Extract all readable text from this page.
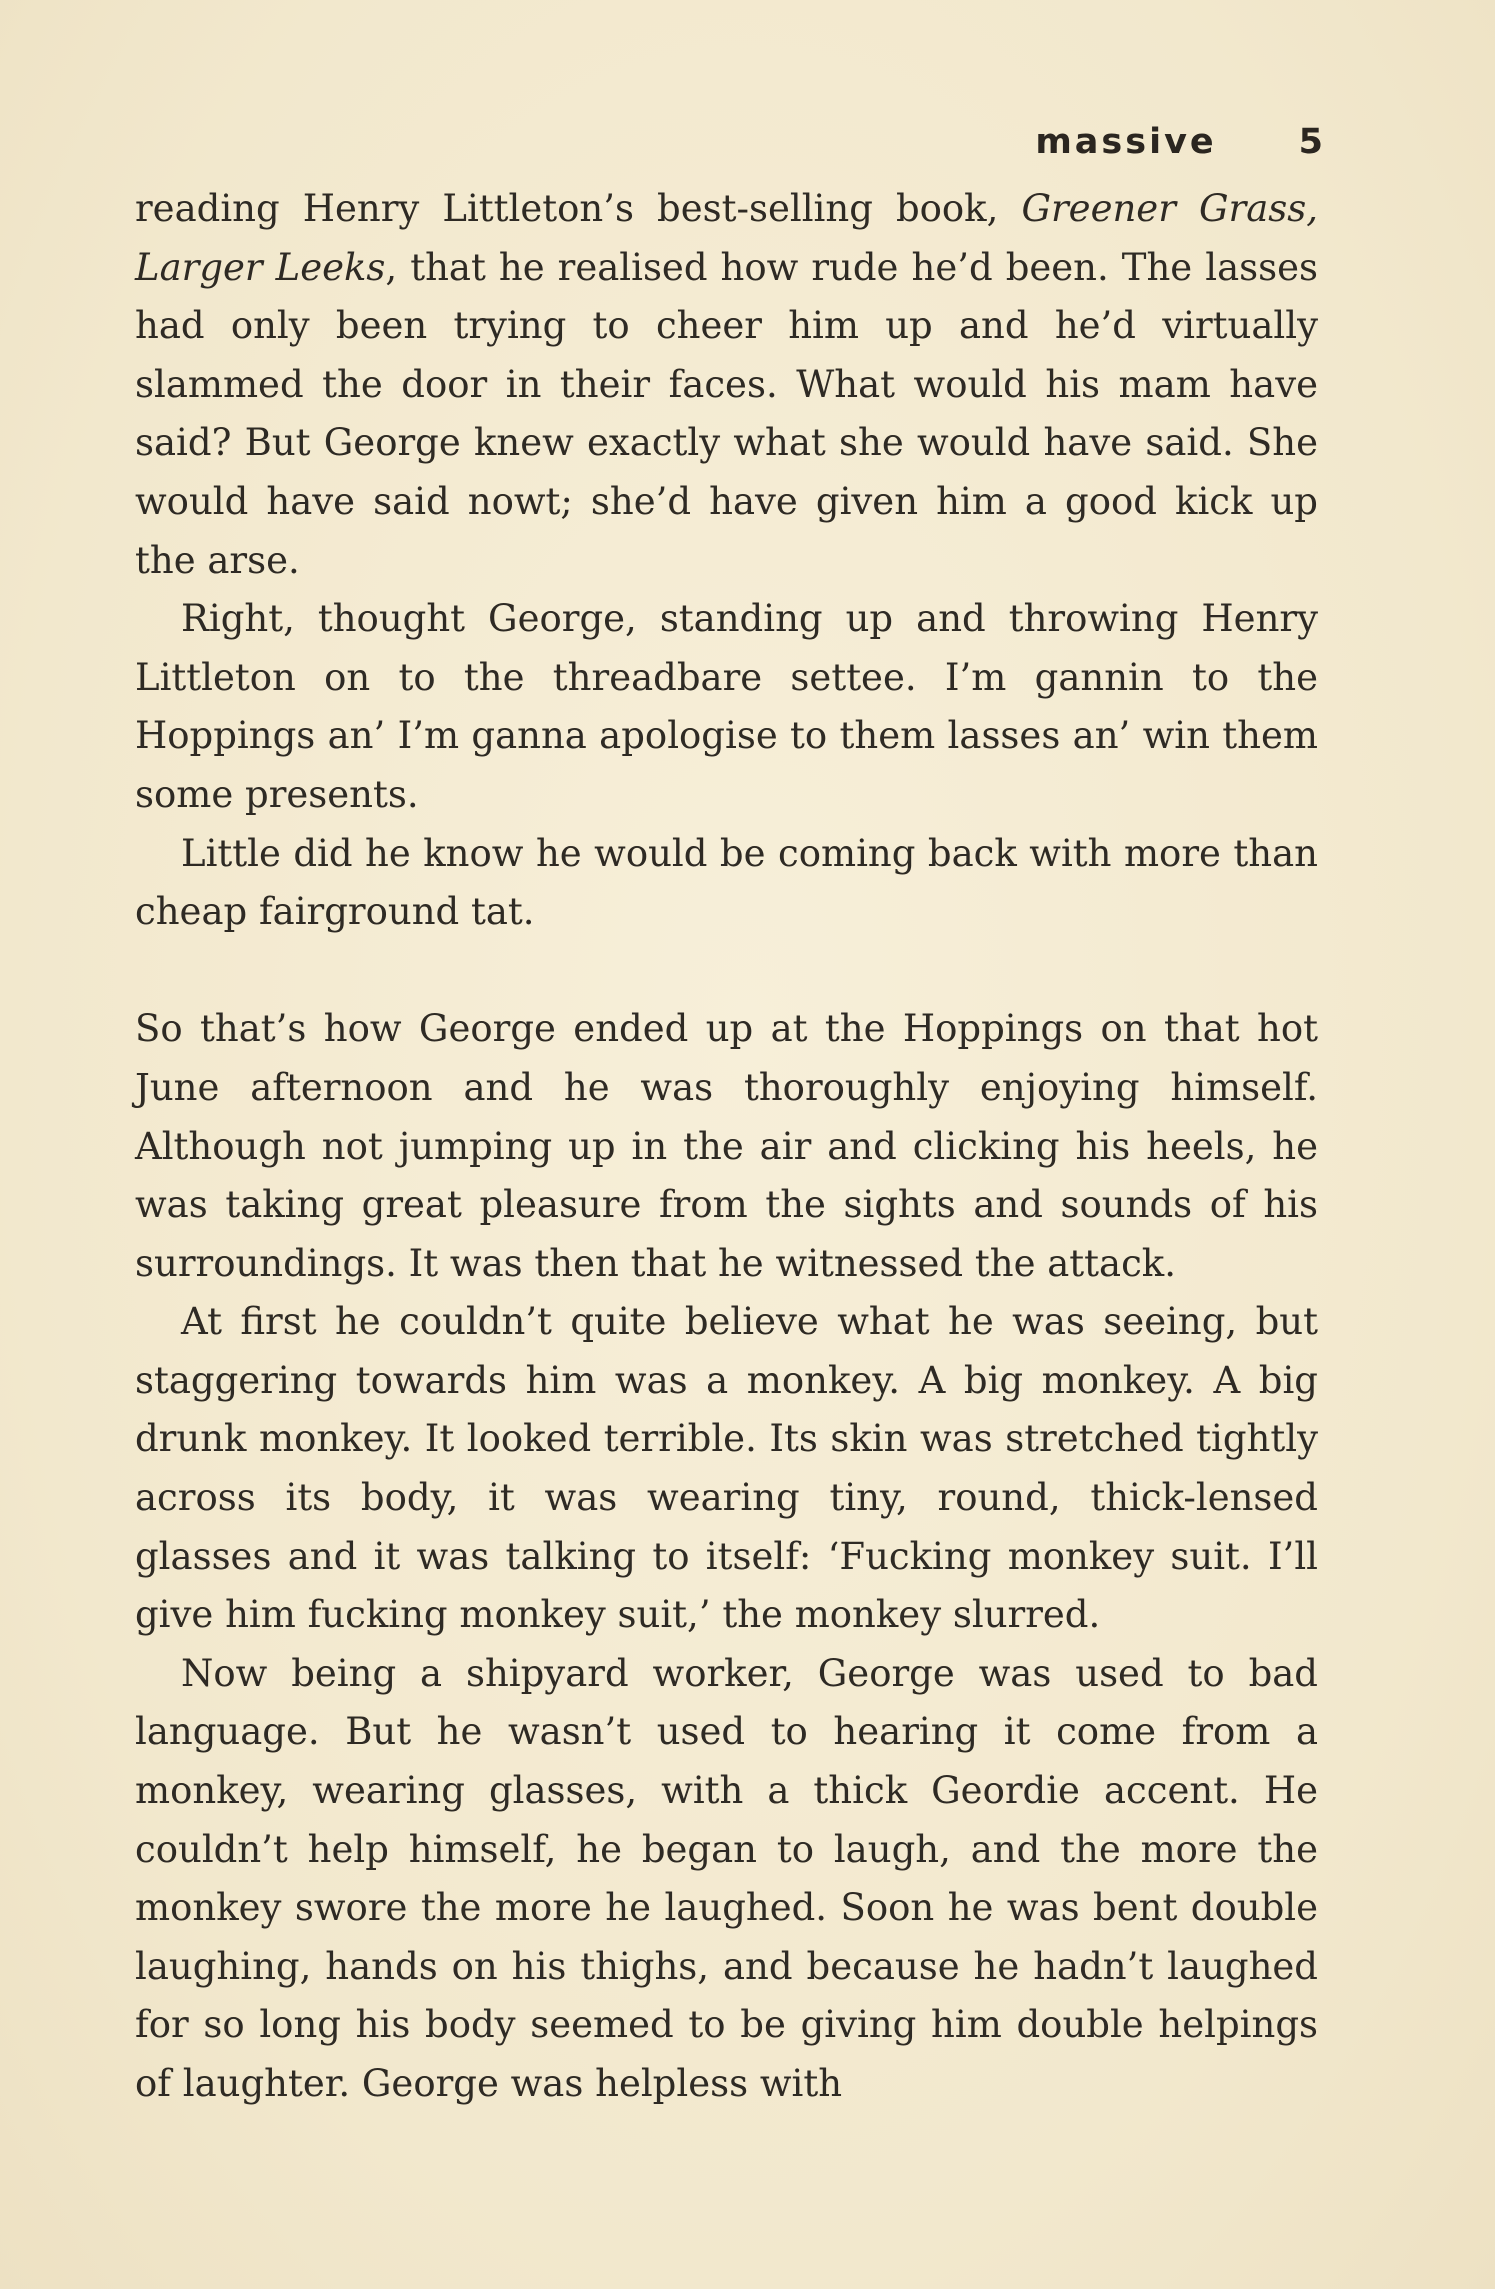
massive 5

reading Henry Littleton’s best-selling book, Greener Grass, Larger Leeks, that he realised how rude he’d been. The lasses had only been trying to cheer him up and he’d virtually slammed the door in their faces. What would his mam have said? But George knew exactly what she would have said. She would have said nowt; she’d have given him a good kick up the arse.

Right, thought George, standing up and throwing Henry Littleton on to the threadbare settee. I’m gannin to the Hoppings an’ I’m ganna apologise to them lasses an’ win them some presents.

Little did he know he would be coming back with more than cheap fairground tat.

So that’s how George ended up at the Hoppings on that hot June afternoon and he was thoroughly enjoying himself. Although not jumping up in the air and clicking his heels, he was taking great pleasure from the sights and sounds of his surroundings. It was then that he witnessed the attack.

At first he couldn’t quite believe what he was seeing, but staggering towards him was a monkey. A big monkey. A big drunk monkey. It looked terrible. Its skin was stretched tightly across its body, it was wearing tiny, round, thick-lensed glasses and it was talking to itself: ‘Fucking monkey suit. I’ll give him fucking monkey suit,’ the monkey slurred.

Now being a shipyard worker, George was used to bad language. But he wasn’t used to hearing it come from a monkey, wearing glasses, with a thick Geordie accent. He couldn’t help himself, he began to laugh, and the more the monkey swore the more he laughed. Soon he was bent double laughing, hands on his thighs, and because he hadn’t laughed for so long his body seemed to be giving him double helpings of laughter. George was helpless with
